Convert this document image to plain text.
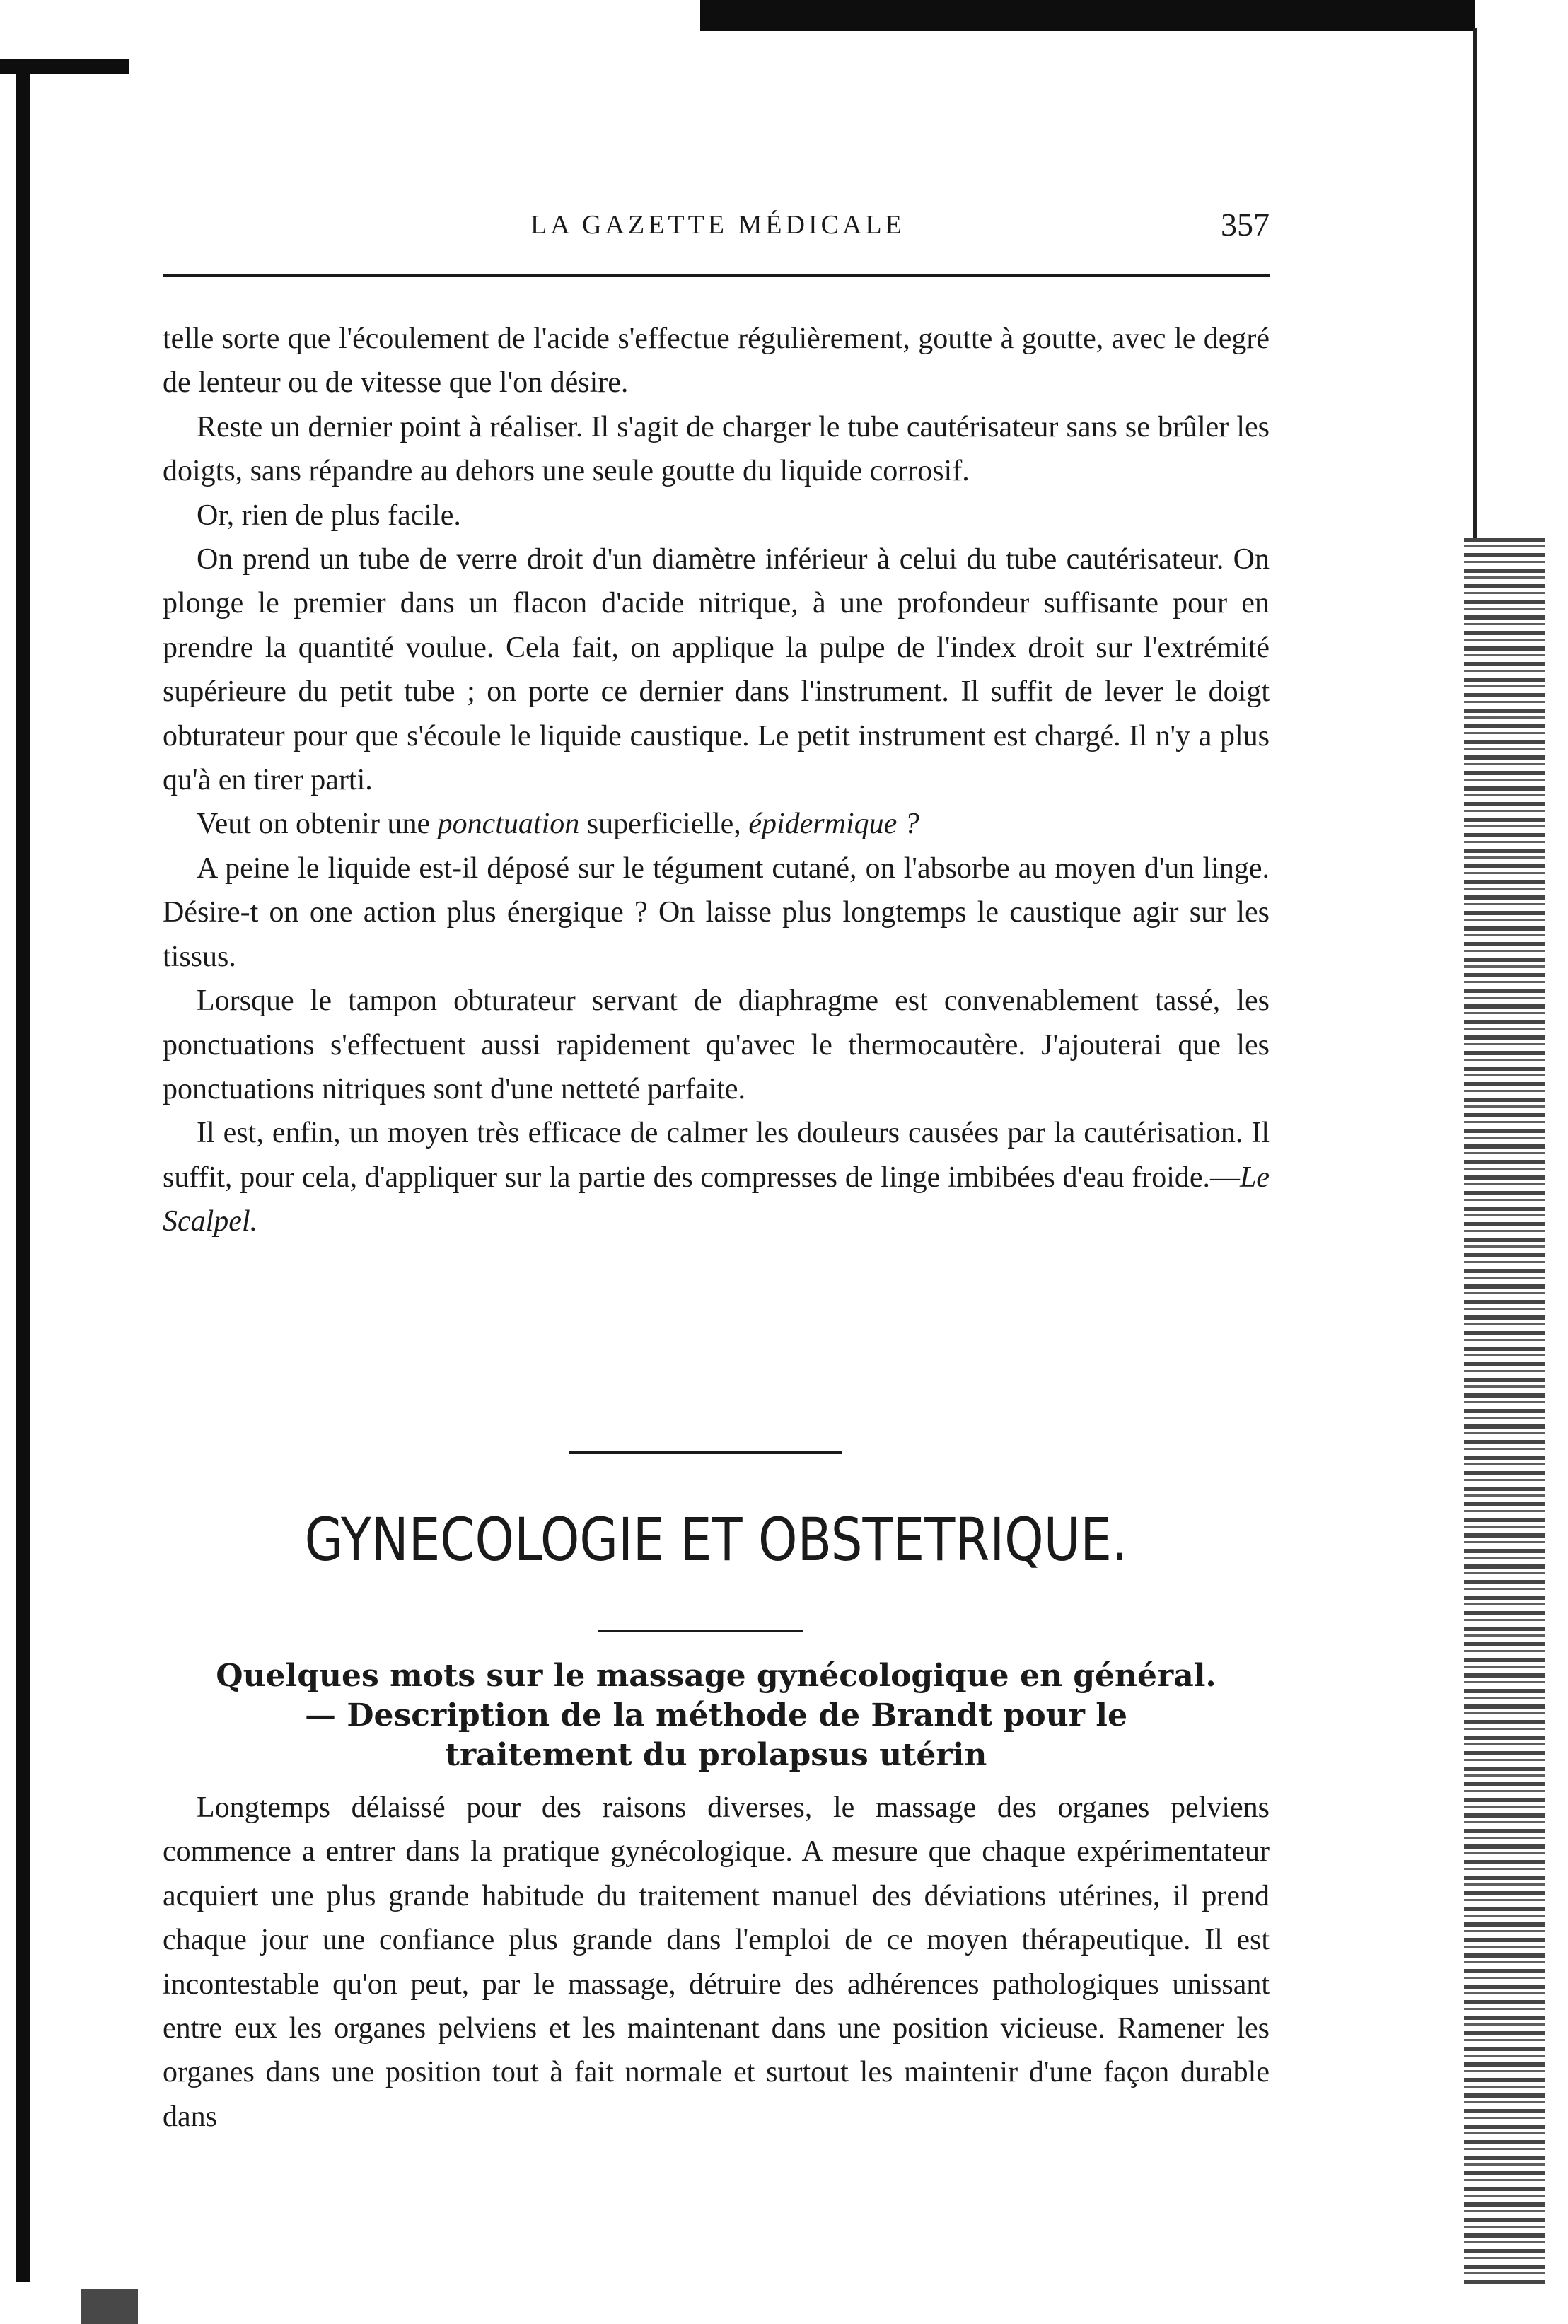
LA GAZETTE MÉDICALE	357

telle sorte que l'écoulement de l'acide s'effectue régulièrement, goutte à goutte, avec le degré de lenteur ou de vitesse que l'on désire.

Reste un dernier point à réaliser. Il s'agit de charger le tube cautérisateur sans se brûler les doigts, sans répandre au dehors une seule goutte du liquide corrosif.

Or, rien de plus facile.

On prend un tube de verre droit d'un diamètre inférieur à celui du tube cautérisateur. On plonge le premier dans un flacon d'acide nitrique, à une profondeur suffisante pour en prendre la quantité voulue. Cela fait, on applique la pulpe de l'index droit sur l'extrémité supérieure du petit tube ; on porte ce dernier dans l'instrument. Il suffit de lever le doigt obturateur pour que s'écoule le liquide caustique. Le petit instrument est chargé. Il n'y a plus qu'à en tirer parti.

Veut on obtenir une ponctuation superficielle, épidermique ?

A peine le liquide est-il déposé sur le tégument cutané, on l'absorbe au moyen d'un linge. Désire-t on one action plus énergique ? On laisse plus longtemps le caustique agir sur les tissus.

Lorsque le tampon obturateur servant de diaphragme est convenablement tassé, les ponctuations s'effectuent aussi rapidement qu'avec le thermocautère. J'ajouterai que les ponctuations nitriques sont d'une netteté parfaite.

Il est, enfin, un moyen très efficace de calmer les douleurs causées par la cautérisation. Il suffit, pour cela, d'appliquer sur la partie des compresses de linge imbibées d'eau froide.—Le Scalpel.

GYNECOLOGIE ET OBSTETRIQUE.
Quelques mots sur le massage gynécologique en général.
— Description de la méthode de Brandt pour le
traitement du prolapsus utérin

Longtemps délaissé pour des raisons diverses, le massage des organes pelviens commence a entrer dans la pratique gynécologique. A mesure que chaque expérimentateur acquiert une plus grande habitude du traitement manuel des déviations utérines, il prend chaque jour une confiance plus grande dans l'emploi de ce moyen thérapeutique. Il est incontestable qu'on peut, par le massage, détruire des adhérences pathologiques unissant entre eux les organes pelviens et les maintenant dans une position vicieuse. Ramener les organes dans une position tout à fait normale et surtout les maintenir d'une façon durable dans
